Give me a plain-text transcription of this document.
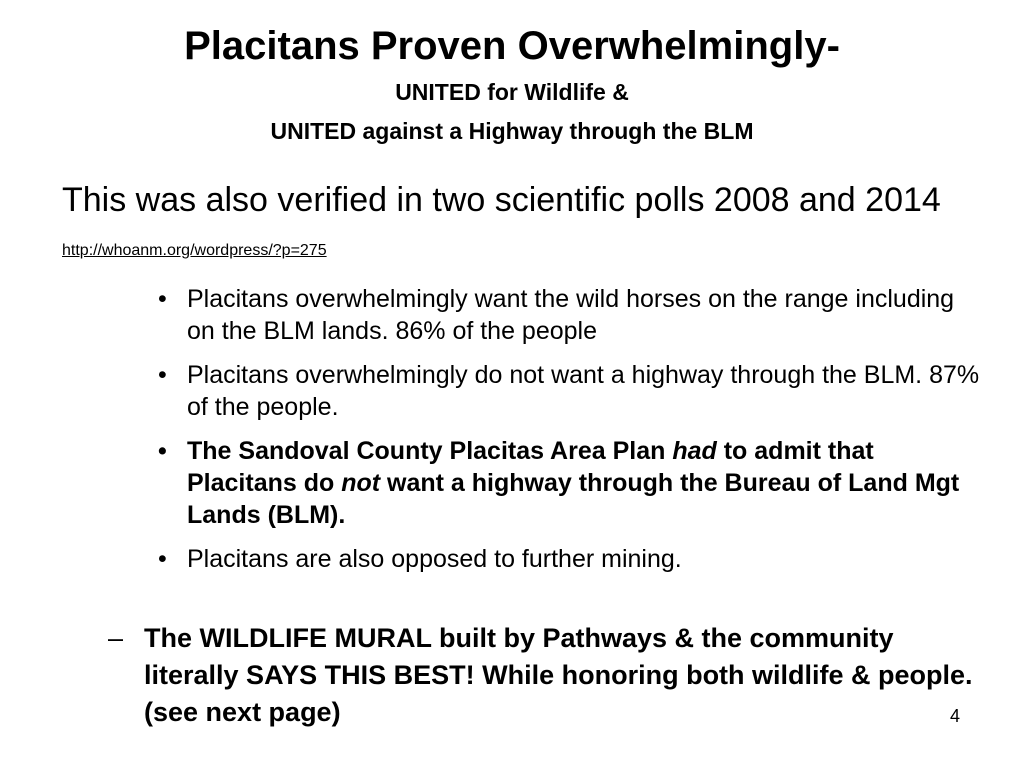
Placitans Proven Overwhelmingly-
UNITED for Wildlife &
UNITED against a Highway through the BLM
This was also verified in two scientific polls 2008 and 2014 http://whoanm.org/wordpress/?p=275
• Placitans overwhelmingly want the wild horses on the range including on the BLM lands. 86% of the people
• Placitans overwhelmingly do not want a highway through the BLM. 87% of the people.
• The Sandoval County Placitas Area Plan had to admit that Placitans do not want a highway through the Bureau of Land Mgt Lands (BLM).
• Placitans are also opposed to further mining.
– The WILDLIFE MURAL built by Pathways & the community literally SAYS THIS BEST! While honoring both wildlife & people. (see next page)	4
